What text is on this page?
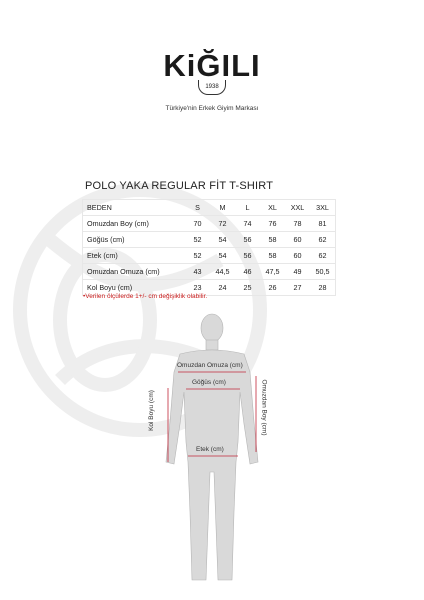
KiĞILI
1938
Türkiye'nin Erkek Giyim Markası
POLO YAKA REGULAR FİT T-SHIRT
BEDEN	S	M	L	XL	XXL	3XL
Omuzdan Boy (cm)	70	72	74	76	78	81
Göğüs (cm)	52	54	56	58	60	62
Etek (cm)	52	54	56	58	60	62
Omuzdan Omuza (cm)	43	44,5	46	47,5	49	50,5
Kol Boyu (cm)	23	24	25	26	27	28
•Verilen ölçülerde 1+/- cm değişiklik olabilir.
Omuzdan Omuza (cm)
Göğüs (cm)
Etek (cm)
Kol Boyu (cm)	Omuzdan Boy (cm)
